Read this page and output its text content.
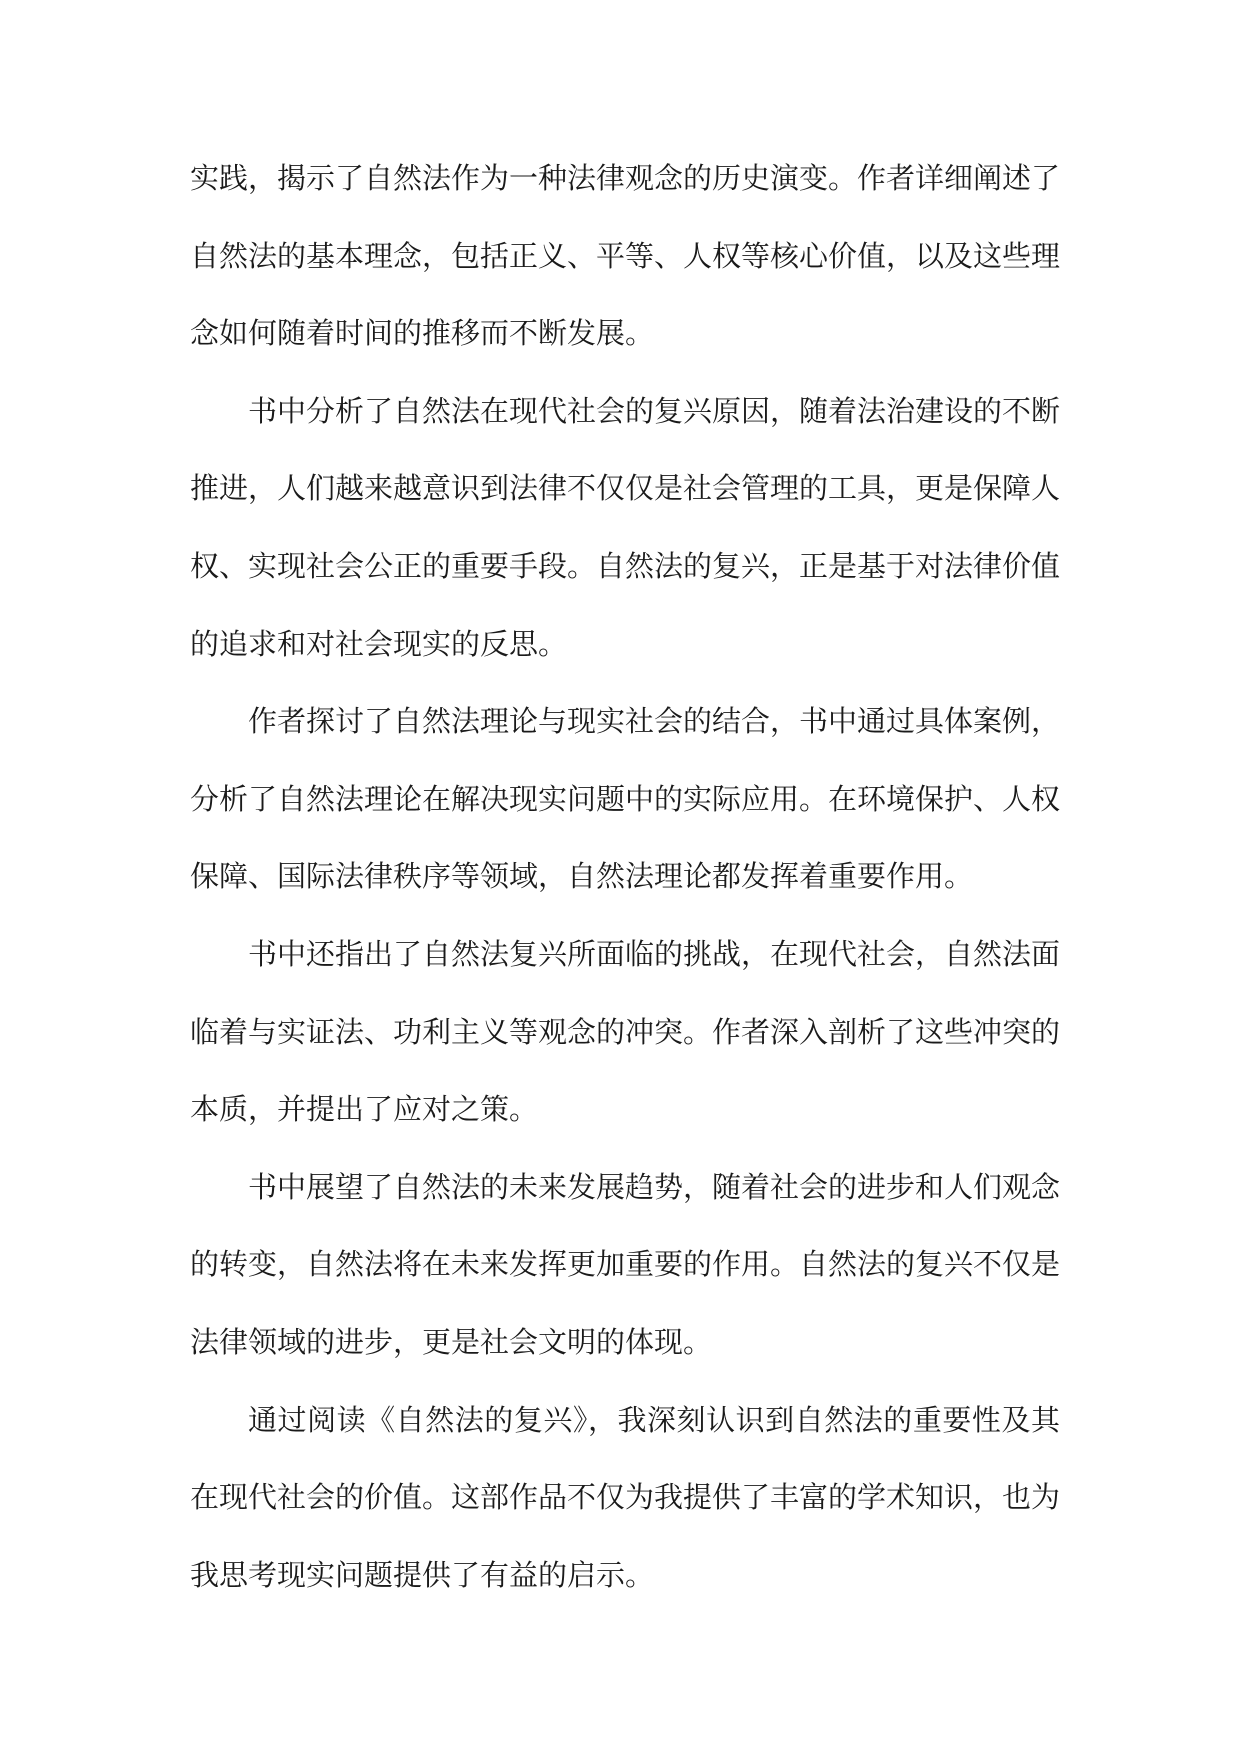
实践，揭示了自然法作为一种法律观念的历史演变。作者详细阐述了
自然法的基本理念，包括正义、平等、人权等核心价值，以及这些理
念如何随着时间的推移而不断发展。

书中分析了自然法在现代社会的复兴原因，随着法治建设的不断
推进，人们越来越意识到法律不仅仅是社会管理的工具，更是保障人
权、实现社会公正的重要手段。自然法的复兴，正是基于对法律价值
的追求和对社会现实的反思。

作者探讨了自然法理论与现实社会的结合，书中通过具体案例，
分析了自然法理论在解决现实问题中的实际应用。在环境保护、人权
保障、国际法律秩序等领域，自然法理论都发挥着重要作用。

书中还指出了自然法复兴所面临的挑战，在现代社会，自然法面
临着与实证法、功利主义等观念的冲突。作者深入剖析了这些冲突的
本质，并提出了应对之策。

书中展望了自然法的未来发展趋势，随着社会的进步和人们观念
的转变，自然法将在未来发挥更加重要的作用。自然法的复兴不仅是
法律领域的进步，更是社会文明的体现。

通过阅读《自然法的复兴》，我深刻认识到自然法的重要性及其
在现代社会的价值。这部作品不仅为我提供了丰富的学术知识，也为
我思考现实问题提供了有益的启示。
